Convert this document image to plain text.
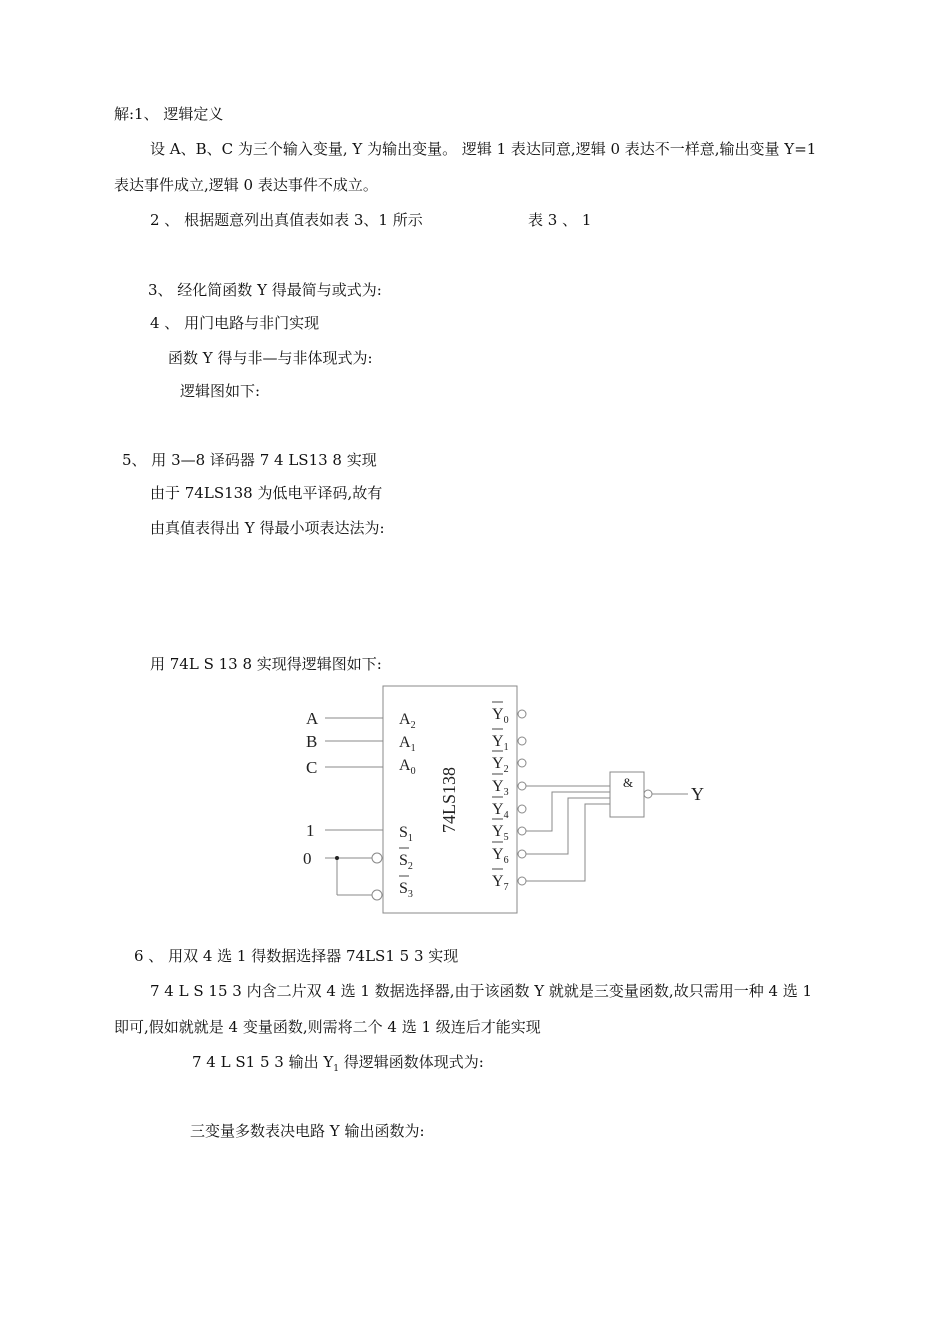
解:1、 逻辑定义
设 A、B、C 为三个输入变量, Y 为输出变量。 逻辑 1 表达同意,逻辑 0 表达不一样意,输出变量 Y=1
表达事件成立,逻辑 0 表达事件不成立。
2 、 根据题意列出真值表如表 3、1 所示	表 3 、 1
3、 经化简函数 Y 得最简与或式为:
4 、 用门电路与非门实现
函数 Y 得与非—与非体现式为:
逻辑图如下:
5、 用 3—8 译码器 7 4 LS13 8 实现
由于 74LS138 为低电平译码,故有
由真值表得出 Y 得最小项表达法为:
用 74L S 13 8 实现得逻辑图如下:
A
B
C
1
0
$A_2$
$A_1$
$A_0$
$S_1$
$S_2$
$S_3$
74LS138
$Y_0$
$Y_1$
$Y_2$
$Y_3$
$Y_4$
$Y_5$
$Y_6$
$Y_7$
&
Y
6 、 用双 4 选 1 得数据选择器 74LS1 5 3 实现
7 4 L S 15 3 内含二片双 4 选 1 数据选择器,由于该函数 Y 就就是三变量函数,故只需用一种 4 选 1
即可,假如就就是 4 变量函数,则需将二个 4 选 1 级连后才能实现
7 4 L S1 5 3 输出 $Y_1$ 得逻辑函数体现式为:
三变量多数表决电路 Y 输出函数为:
